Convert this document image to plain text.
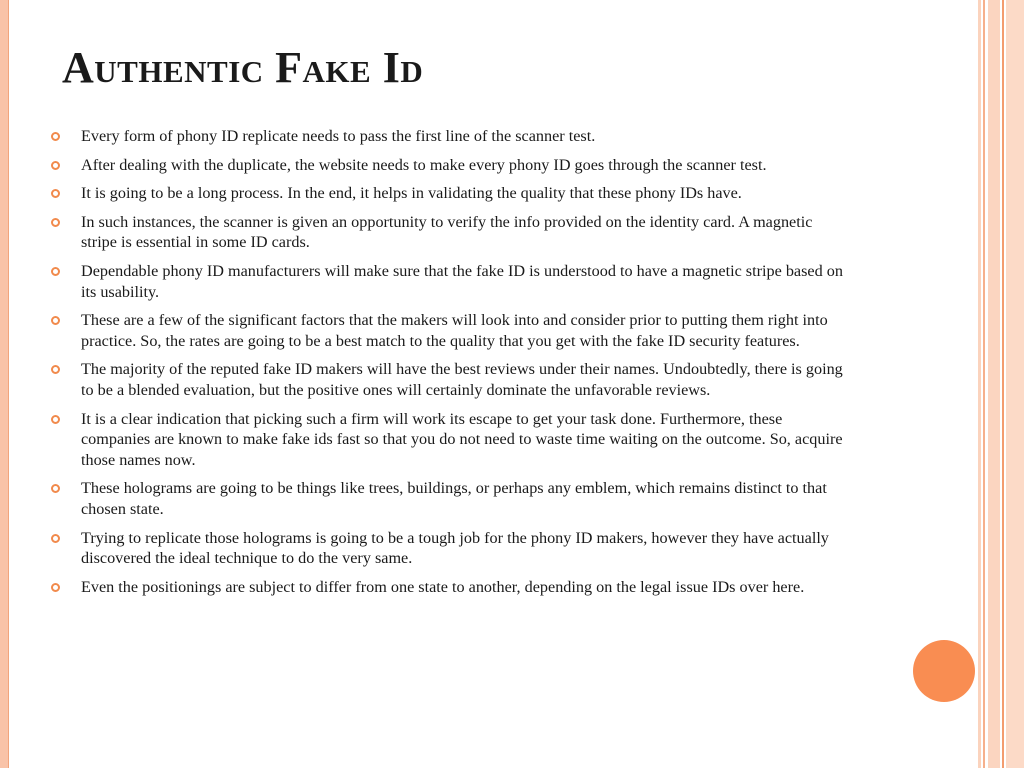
Authentic Fake Id
Every form of phony ID replicate needs to pass the first line of the scanner test.
After dealing with the duplicate, the website needs to make every phony ID goes through the scanner test.
It is going to be a long process. In the end, it helps in validating the quality that these phony IDs have.
In such instances, the scanner is given an opportunity to verify the info provided on the identity card. A magnetic stripe is essential in some ID cards.
Dependable phony ID manufacturers will make sure that the fake ID is understood to have a magnetic stripe based on its usability.
These are a few of the significant factors that the makers will look into and consider prior to putting them right into practice. So, the rates are going to be a best match to the quality that you get with the fake ID security features.
The majority of the reputed fake ID makers will have the best reviews under their names. Undoubtedly, there is going to be a blended evaluation, but the positive ones will certainly dominate the unfavorable reviews.
It is a clear indication that picking such a firm will work its escape to get your task done. Furthermore, these companies are known to make fake ids fast so that you do not need to waste time waiting on the outcome. So, acquire those names now.
These holograms are going to be things like trees, buildings, or perhaps any emblem, which remains distinct to that chosen state.
Trying to replicate those holograms is going to be a tough job for the phony ID makers, however they have actually discovered the ideal technique to do the very same.
Even the positionings are subject to differ from one state to another, depending on the legal issue IDs over here.
